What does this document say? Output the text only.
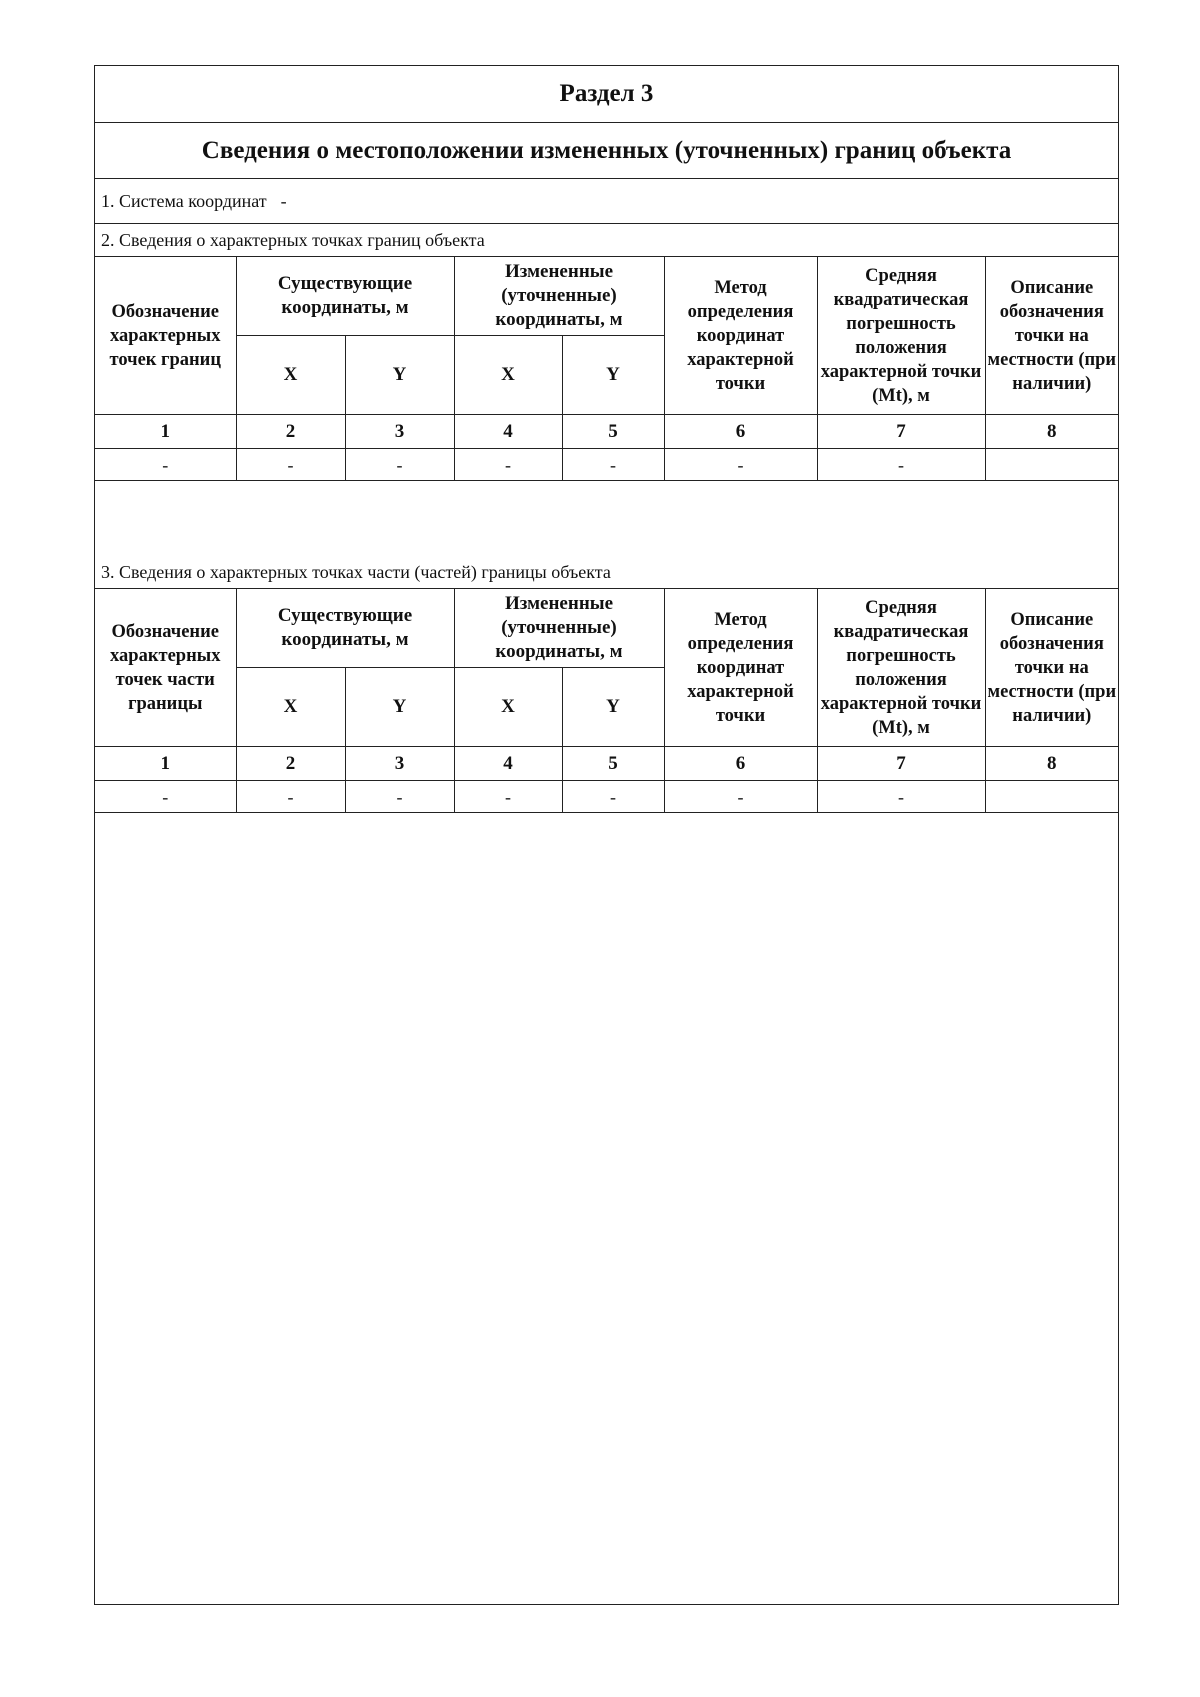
Раздел 3
Сведения о местоположении измененных (уточненных) границ объекта
1. Система координат -
2. Сведения о характерных точках границ объекта							
Обозначение характерных точек границ	Существующие координаты, м		Измененные (уточненные) координаты, м		Метод определения координат характерной точки	Средняя квадратическая погрешность положения характерной точки (Mt), м	Описание обозначения точки на местности (при наличии)
	X	Y	X	Y			
1	2	3	4	5	6	7	8
-	-	-	-	-	-	-	
3. Сведения о характерных точках части (частей) границы объекта							
Обозначение характерных точек части границы	Существующие координаты, м		Измененные (уточненные) координаты, м		Метод определения координат характерной точки	Средняя квадратическая погрешность положения характерной точки (Mt), м	Описание обозначения точки на местности (при наличии)
	X	Y	X	Y			
1	2	3	4	5	6	7	8
-	-	-	-	-	-	-	
